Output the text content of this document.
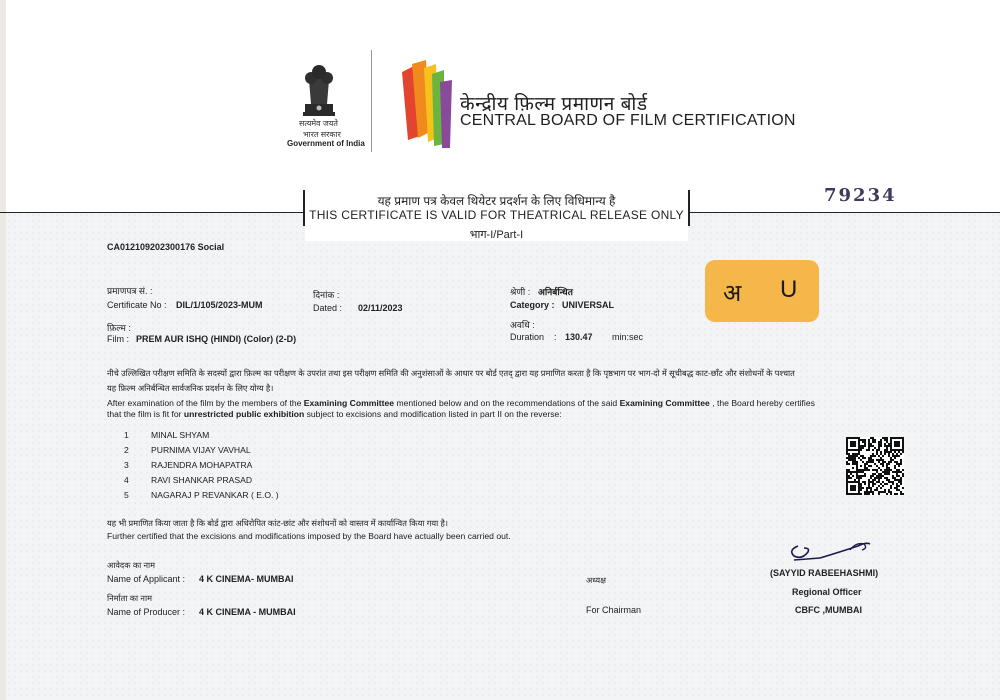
सत्यमेव जयते
भारत सरकार
Government of India
केन्द्रीय फ़िल्म प्रमाणन बोर्ड
CENTRAL BOARD OF FILM CERTIFICATION
यह प्रमाण पत्र केवल थियेटर प्रदर्शन के लिए विधिमान्य है
THIS CERTIFICATE IS VALID FOR THEATRICAL RELEASE ONLY
भाग-I/Part-I
79234
CA012109202300176 Social
प्रमाणपत्र सं. :
Certificate No : DIL/1/105/2023-MUM
दिनांक :
Dated : 02/11/2023
श्रेणी : अनिर्बन्धित
Category : UNIVERSAL
फ़िल्म :
Film : PREM AUR ISHQ (HINDI) (Color) (2-D)
अवधि :
Duration : 130.47 min:sec
अ U
नीचे उल्लिखित परीक्षण समिति के सदस्यों द्वारा फ़िल्म का परीक्षण के उपरांत तथा इस परीक्षण समिति की अनुशंसाओं के आधार पर बोर्ड एतद् द्वारा यह प्रमाणित करता है कि पृष्ठभाग पर भाग-दो में सूचीबद्ध काट-छाँट और संशोधनों के पश्चात
यह फ़िल्म अनिर्बन्धित सार्वजनिक प्रदर्शन के लिए योग्य है।
After examination of the film by the members of the Examining Committee mentioned below and on the recommendations of the said Examining Committee , the Board hereby certifies
that the film is fit for unrestricted public exhibition subject to excisions and modification listed in part II on the reverse:
1	MINAL SHYAM
2	PURNIMA VIJAY VAVHAL
3	RAJENDRA MOHAPATRA
4	RAVI SHANKAR PRASAD
5	NAGARAJ P REVANKAR ( E.O. )
यह भी प्रमाणित किया जाता है कि बोर्ड द्वारा अधिरोपित कांट-छांट और संशोधनों को वास्तव में कार्यान्वित किया गया है।
Further certified that the excisions and modifications imposed by the Board have actually been carried out.
आवेदक का नाम
Name of Applicant : 4 K CINEMA- MUMBAI
निर्माता का नाम
Name of Producer : 4 K CINEMA - MUMBAI
अध्यक्ष
For Chairman
(SAYYID RABEEHASHMI)
Regional Officer
CBFC ,MUMBAI
